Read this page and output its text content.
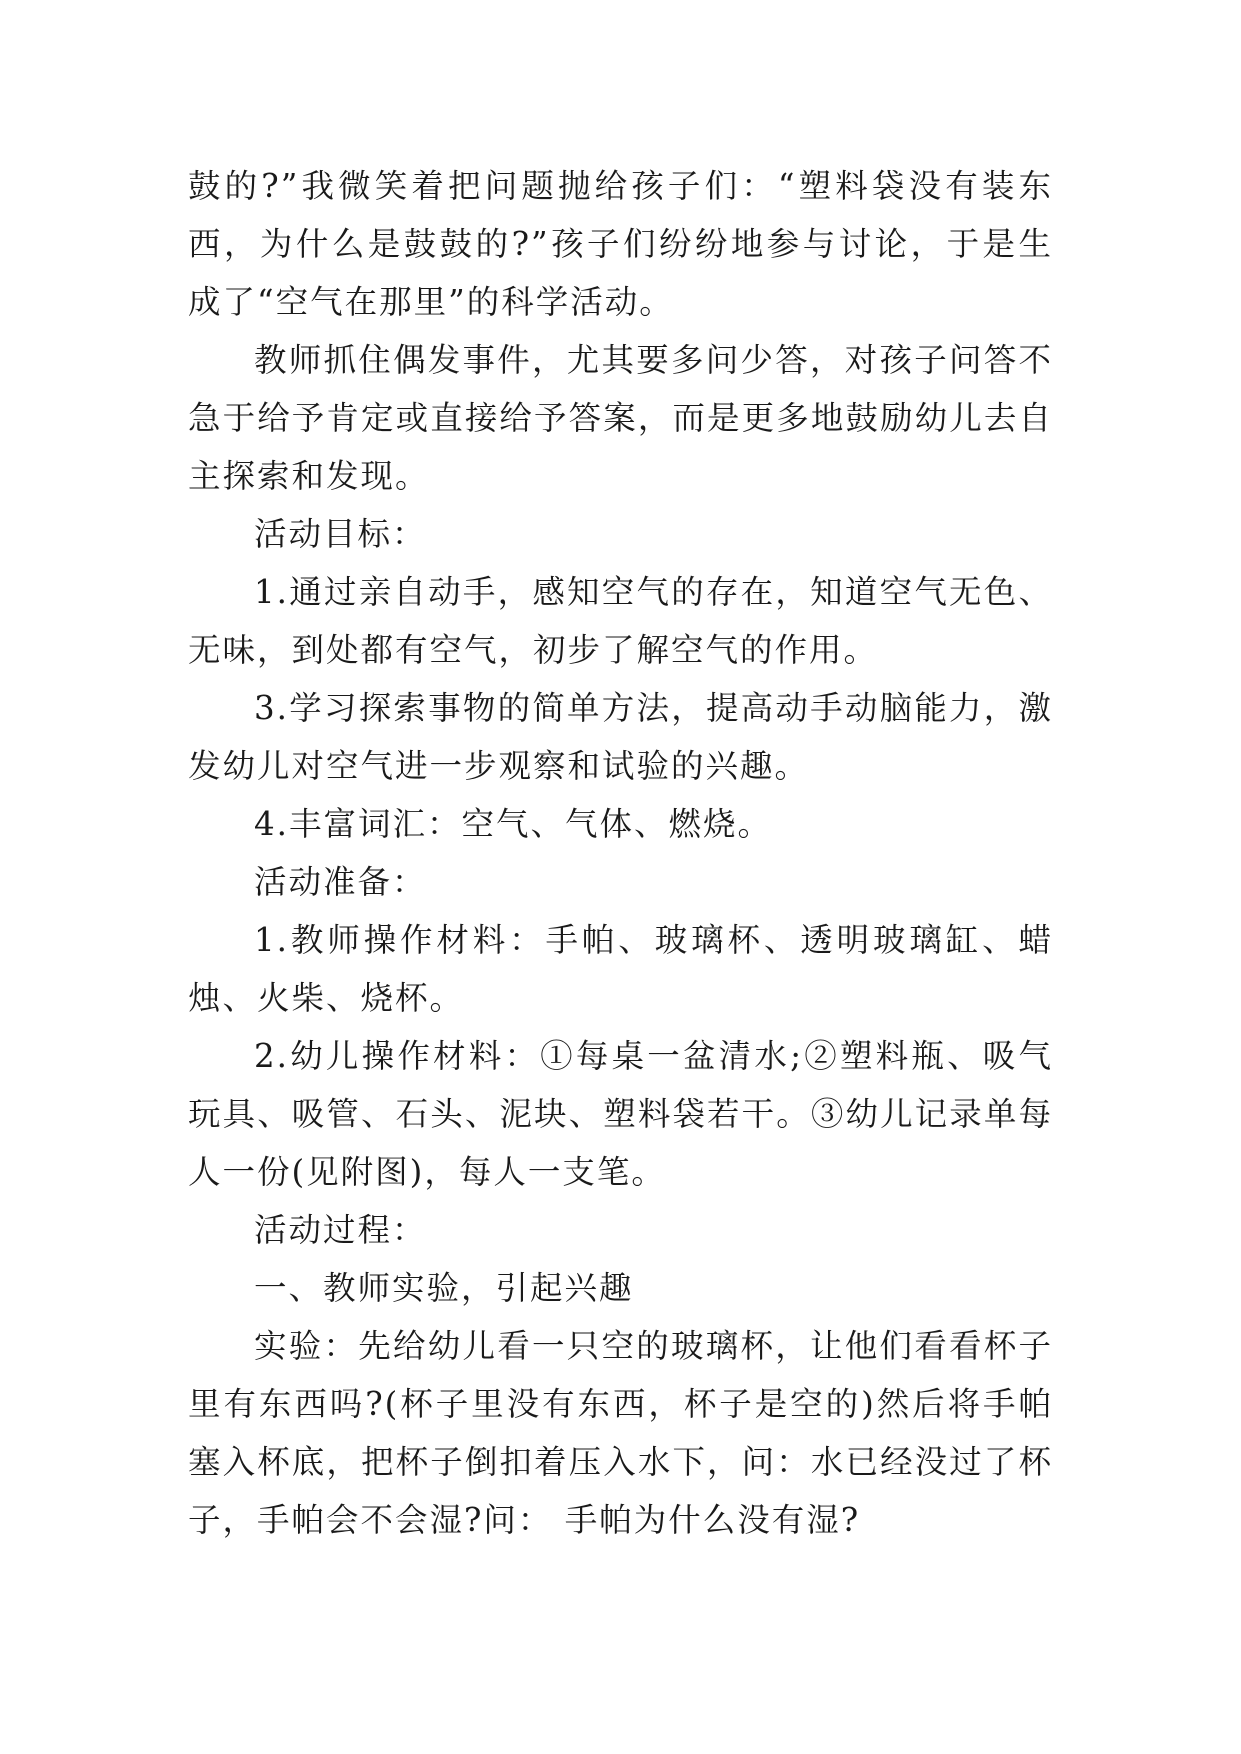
鼓的?”我微笑着把问题抛给孩子们：“塑料袋没有装东西，为什么是鼓鼓的?”孩子们纷纷地参与讨论，于是生成了“空气在那里”的科学活动。

教师抓住偶发事件，尤其要多问少答，对孩子问答不急于给予肯定或直接给予答案，而是更多地鼓励幼儿去自主探索和发现。

活动目标：

1.通过亲自动手，感知空气的存在，知道空气无色、无味，到处都有空气，初步了解空气的作用。

3.学习探索事物的简单方法，提高动手动脑能力，激发幼儿对空气进一步观察和试验的兴趣。

4.丰富词汇：空气、气体、燃烧。

活动准备：

1.教师操作材料：手帕、玻璃杯、透明玻璃缸、蜡烛、火柴、烧杯。

2.幼儿操作材料：①每桌一盆清水;②塑料瓶、吸气玩具、吸管、石头、泥块、塑料袋若干。③幼儿记录单每人一份(见附图)，每人一支笔。

活动过程：

一、教师实验，引起兴趣

实验：先给幼儿看一只空的玻璃杯，让他们看看杯子里有东西吗?(杯子里没有东西，杯子是空的)然后将手帕塞入杯底，把杯子倒扣着压入水下，问：水已经没过了杯子，手帕会不会湿?问： 手帕为什么没有湿?
